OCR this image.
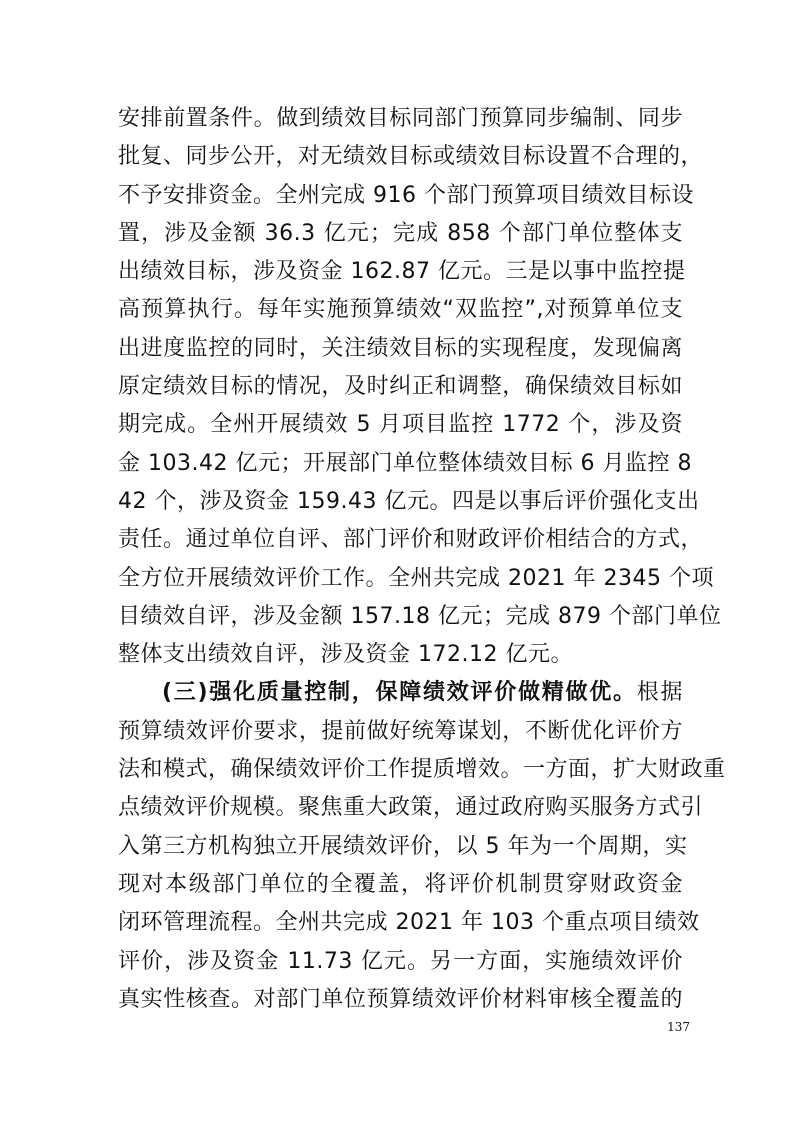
安排前置条件。做到绩效目标同部门预算同步编制、同步
批复、同步公开，对无绩效目标或绩效目标设置不合理的，
不予安排资金。全州完成 916 个部门预算项目绩效目标设
置，涉及金额 36.3 亿元；完成 858 个部门单位整体支
出绩效目标，涉及资金 162.87 亿元。三是以事中监控提
高预算执行。每年实施预算绩效“双监控”,对预算单位支
出进度监控的同时，关注绩效目标的实现程度，发现偏离
原定绩效目标的情况，及时纠正和调整，确保绩效目标如
期完成。全州开展绩效 5 月项目监控 1772 个，涉及资
金 103.42 亿元；开展部门单位整体绩效目标 6 月监控 8
42 个，涉及资金 159.43 亿元。四是以事后评价强化支出
责任。通过单位自评、部门评价和财政评价相结合的方式，
全方位开展绩效评价工作。全州共完成 2021 年 2345 个项
目绩效自评，涉及金额 157.18 亿元；完成 879 个部门单位
整体支出绩效自评，涉及资金 172.12 亿元。
(三)强化质量控制，保障绩效评价做精做优。根据
预算绩效评价要求，提前做好统筹谋划，不断优化评价方
法和模式，确保绩效评价工作提质增效。一方面，扩大财政重
点绩效评价规模。聚焦重大政策，通过政府购买服务方式引
入第三方机构独立开展绩效评价，以 5 年为一个周期，实
现对本级部门单位的全覆盖，将评价机制贯穿财政资金
闭环管理流程。全州共完成 2021 年 103 个重点项目绩效
评价，涉及资金 11.73 亿元。另一方面，实施绩效评价
真实性核查。对部门单位预算绩效评价材料审核全覆盖的
137
